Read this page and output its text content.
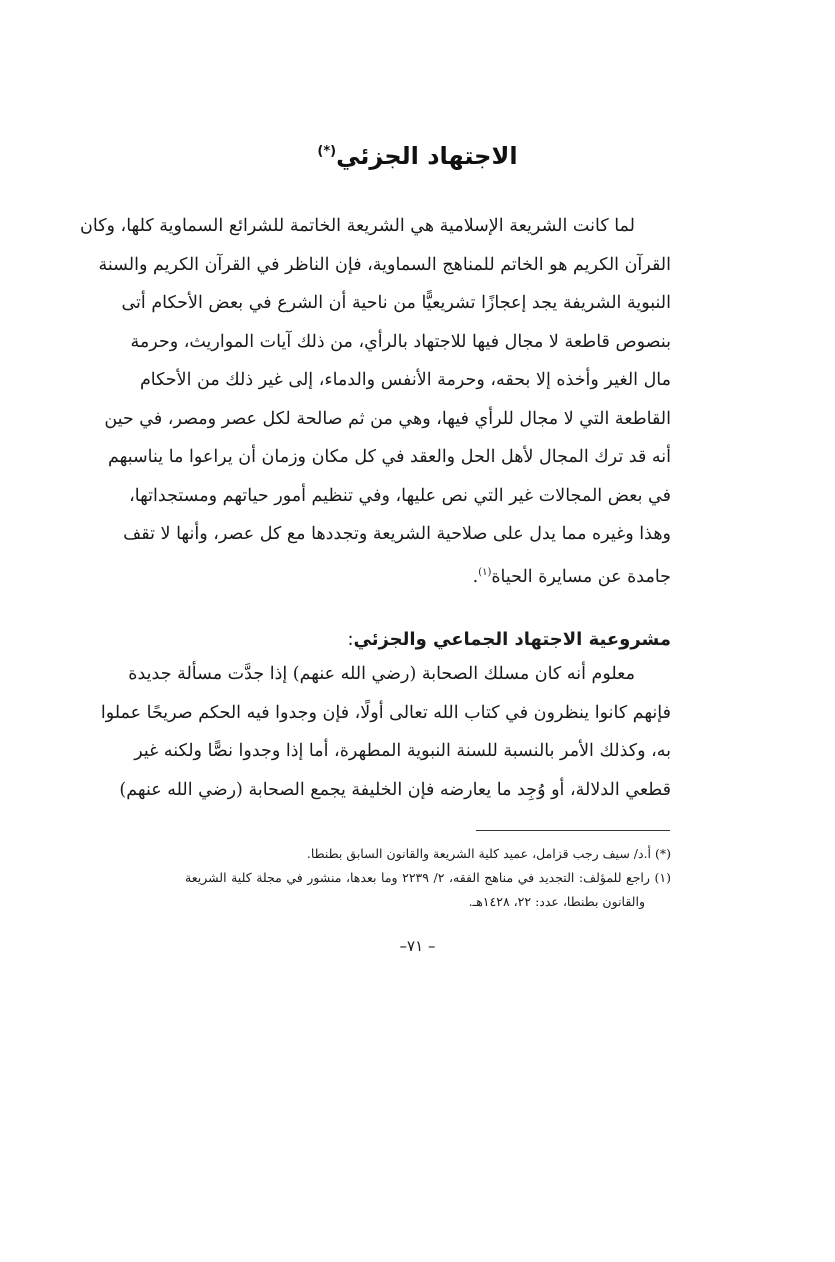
الاجتهاد الجزئي(*)
لما كانت الشريعة الإسلامية هي الشريعة الخاتمة للشرائع السماوية كلها، وكان
القرآن الكريم هو الخاتم للمناهج السماوية، فإن الناظر في القرآن الكريم والسنة
النبوية الشريفة يجد إعجازًا تشريعيًّا من ناحية أن الشرع في بعض الأحكام أتى
بنصوص قاطعة لا مجال فيها للاجتهاد بالرأي، من ذلك آيات المواريث، وحرمة
مال الغير وأخذه إلا بحقه، وحرمة الأنفس والدماء، إلى غير ذلك من الأحكام
القاطعة التي لا مجال للرأي فيها، وهي من ثم صالحة لكل عصر ومصر، في حين
أنه قد ترك المجال لأهل الحل والعقد في كل مكان وزمان أن يراعوا ما يناسبهم
في بعض المجالات غير التي نص عليها، وفي تنظيم أمور حياتهم ومستجداتها،
وهذا وغيره مما يدل على صلاحية الشريعة وتجددها مع كل عصر، وأنها لا تقف
جامدة عن مسايرة الحياة$^{(١)}$.
مشروعية الاجتهاد الجماعي والجزئي:
معلوم أنه كان مسلك الصحابة (رضي الله عنهم) إذا جدَّت مسألة جديدة
فإنهم كانوا ينظرون في كتاب الله تعالى أولًا، فإن وجدوا فيه الحكم صريحًا عملوا
به، وكذلك الأمر بالنسبة للسنة النبوية المطهرة، أما إذا وجدوا نصًّا ولكنه غير
قطعي الدلالة، أو وُجِد ما يعارضه فإن الخليفة يجمع الصحابة (رضي الله عنهم)
(*) أ.د/ سيف رجب قزامل، عميد كلية الشريعة والقانون السابق بطنطا.
(١) راجع للمؤلف: التجديد في مناهج الفقه، ٢/ ٢٢٣٩ وما بعدها، منشور في مجلة كلية الشريعة
والقانون بطنطا، عدد: ٢٢، ١٤٢٨هـ.
–٧١ –
